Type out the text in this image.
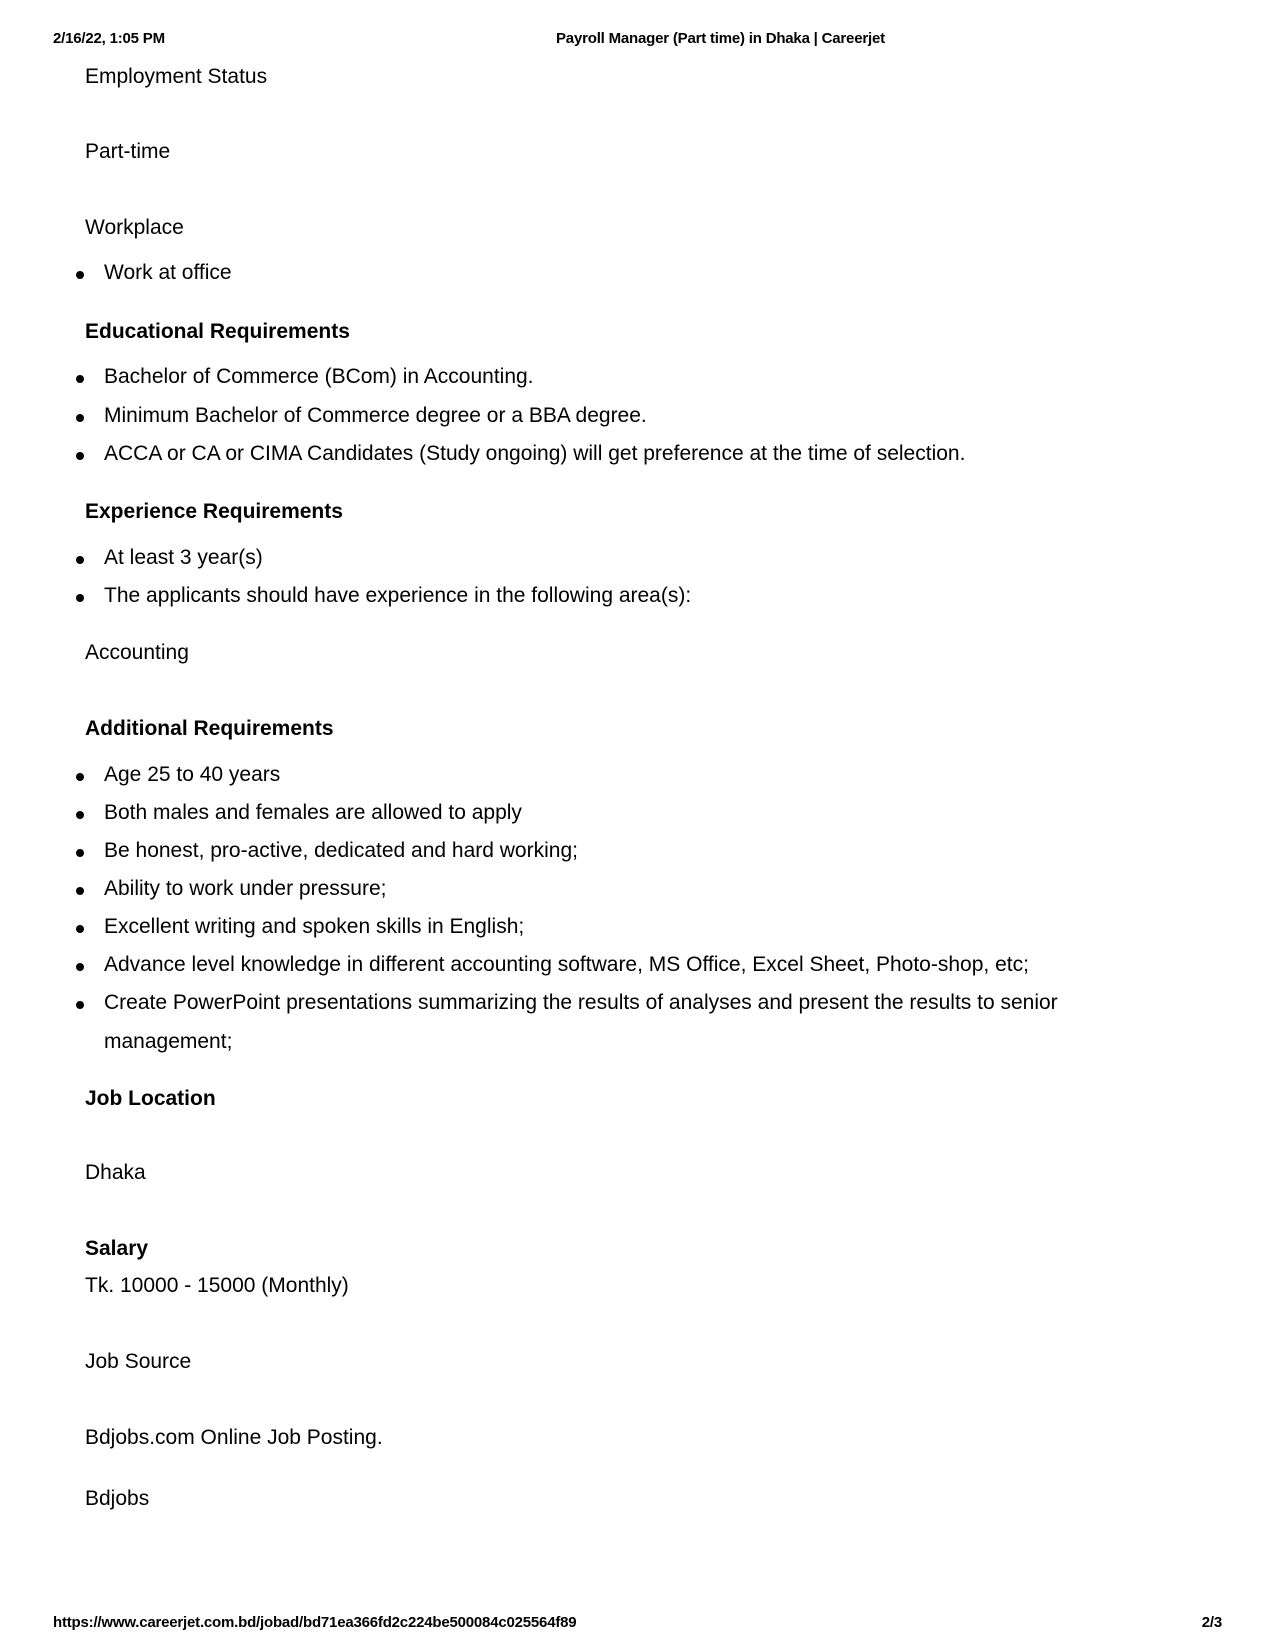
2/16/22, 1:05 PM	Payroll Manager (Part time) in Dhaka | Careerjet
Employment Status
Part-time
Workplace
Work at office
Educational Requirements
Bachelor of Commerce (BCom) in Accounting.
Minimum Bachelor of Commerce degree or a BBA degree.
ACCA or CA or CIMA Candidates (Study ongoing) will get preference at the time of selection.
Experience Requirements
At least 3 year(s)
The applicants should have experience in the following area(s):
Accounting
Additional Requirements
Age 25 to 40 years
Both males and females are allowed to apply
Be honest, pro-active, dedicated and hard working;
Ability to work under pressure;
Excellent writing and spoken skills in English;
Advance level knowledge in different accounting software, MS Office, Excel Sheet, Photo-shop, etc;
Create PowerPoint presentations summarizing the results of analyses and present the results to senior management;
Job Location
Dhaka
Salary
Tk. 10000 - 15000 (Monthly)
Job Source
Bdjobs.com Online Job Posting.
Bdjobs
https://www.careerjet.com.bd/jobad/bd71ea366fd2c224be500084c025564f89	2/3
